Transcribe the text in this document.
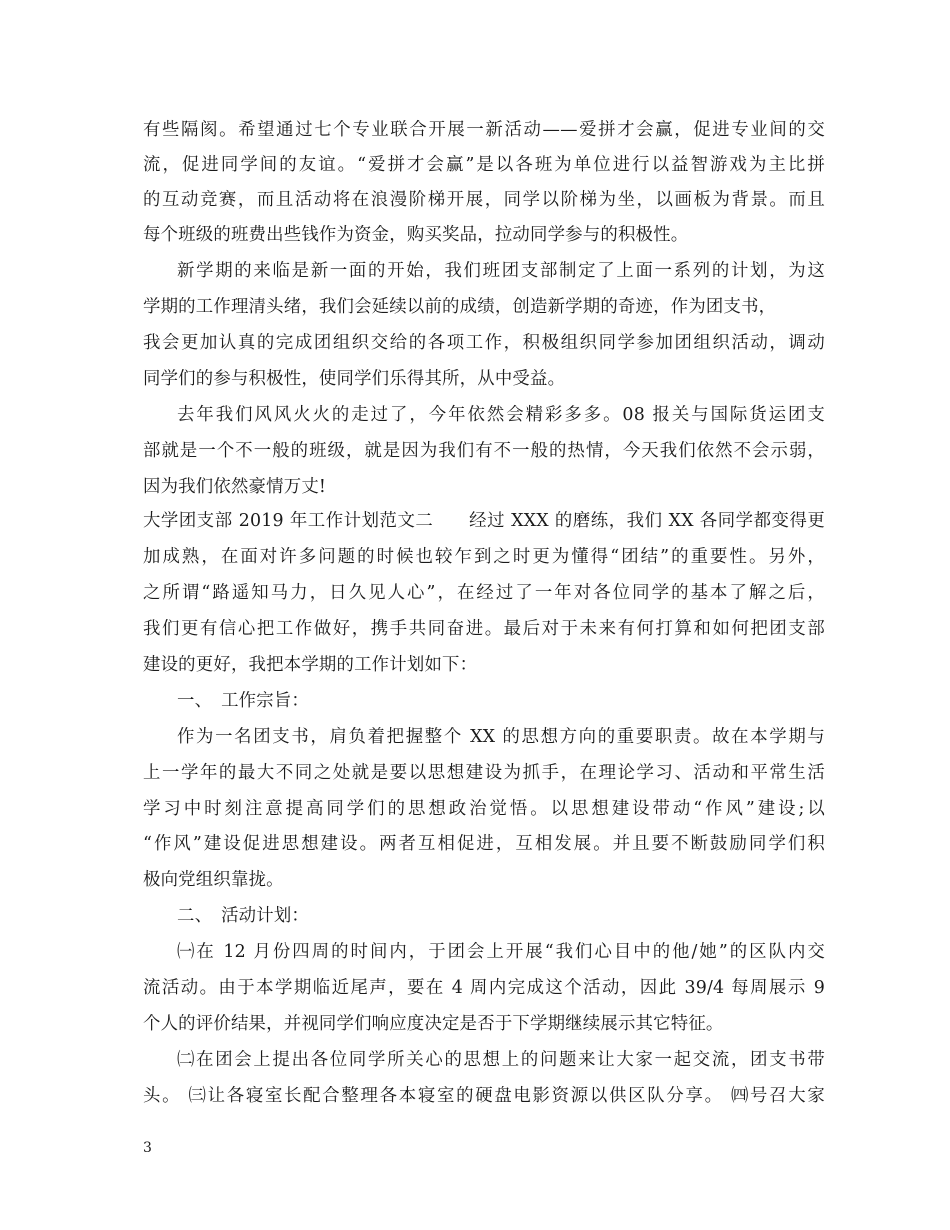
有些隔阂。希望通过七个专业联合开展一新活动——爱拼才会赢，促进专业间的交
流，促进同学间的友谊。“爱拼才会赢”是以各班为单位进行以益智游戏为主比拼
的互动竞赛，而且活动将在浪漫阶梯开展，同学以阶梯为坐，以画板为背景。而且
每个班级的班费出些钱作为资金，购买奖品，拉动同学参与的积极性。
新学期的来临是新一面的开始，我们班团支部制定了上面一系列的计划，为这
学期的工作理清头绪，我们会延续以前的成绩，创造新学期的奇迹，作为团支书，
我会更加认真的完成团组织交给的各项工作，积极组织同学参加团组织活动，调动
同学们的参与积极性，使同学们乐得其所，从中受益。
去年我们风风火火的走过了，今年依然会精彩多多。08 报关与国际货运团支
部就是一个不一般的班级，就是因为我们有不一般的热情，今天我们依然不会示弱，
因为我们依然豪情万丈!
大学团支部 2019 年工作计划范文二　　经过 XXX 的磨练，我们 XX 各同学都变得更
加成熟，在面对许多问题的时候也较乍到之时更为懂得“团结”的重要性。另外，
之所谓“路遥知马力，日久见人心”，在经过了一年对各位同学的基本了解之后，
我们更有信心把工作做好，携手共同奋进。最后对于未来有何打算和如何把团支部
建设的更好，我把本学期的工作计划如下：
一、　工作宗旨：
作为一名团支书，肩负着把握整个 XX 的思想方向的重要职责。故在本学期与
上一学年的最大不同之处就是要以思想建设为抓手，在理论学习、活动和平常生活
学习中时刻注意提高同学们的思想政治觉悟。以思想建设带动“作风”建设;以
“作风”建设促进思想建设。两者互相促进，互相发展。并且要不断鼓励同学们积
极向党组织靠拢。
二、　活动计划：
㈠在 12 月份四周的时间内，于团会上开展“我们心目中的他/她”的区队内交
流活动。由于本学期临近尾声，要在 4 周内完成这个活动，因此 39/4 每周展示 9
个人的评价结果，并视同学们响应度决定是否于下学期继续展示其它特征。
㈡在团会上提出各位同学所关心的思想上的问题来让大家一起交流，团支书带
头。 ㈢让各寝室长配合整理各本寝室的硬盘电影资源以供区队分享。 ㈣号召大家
3
